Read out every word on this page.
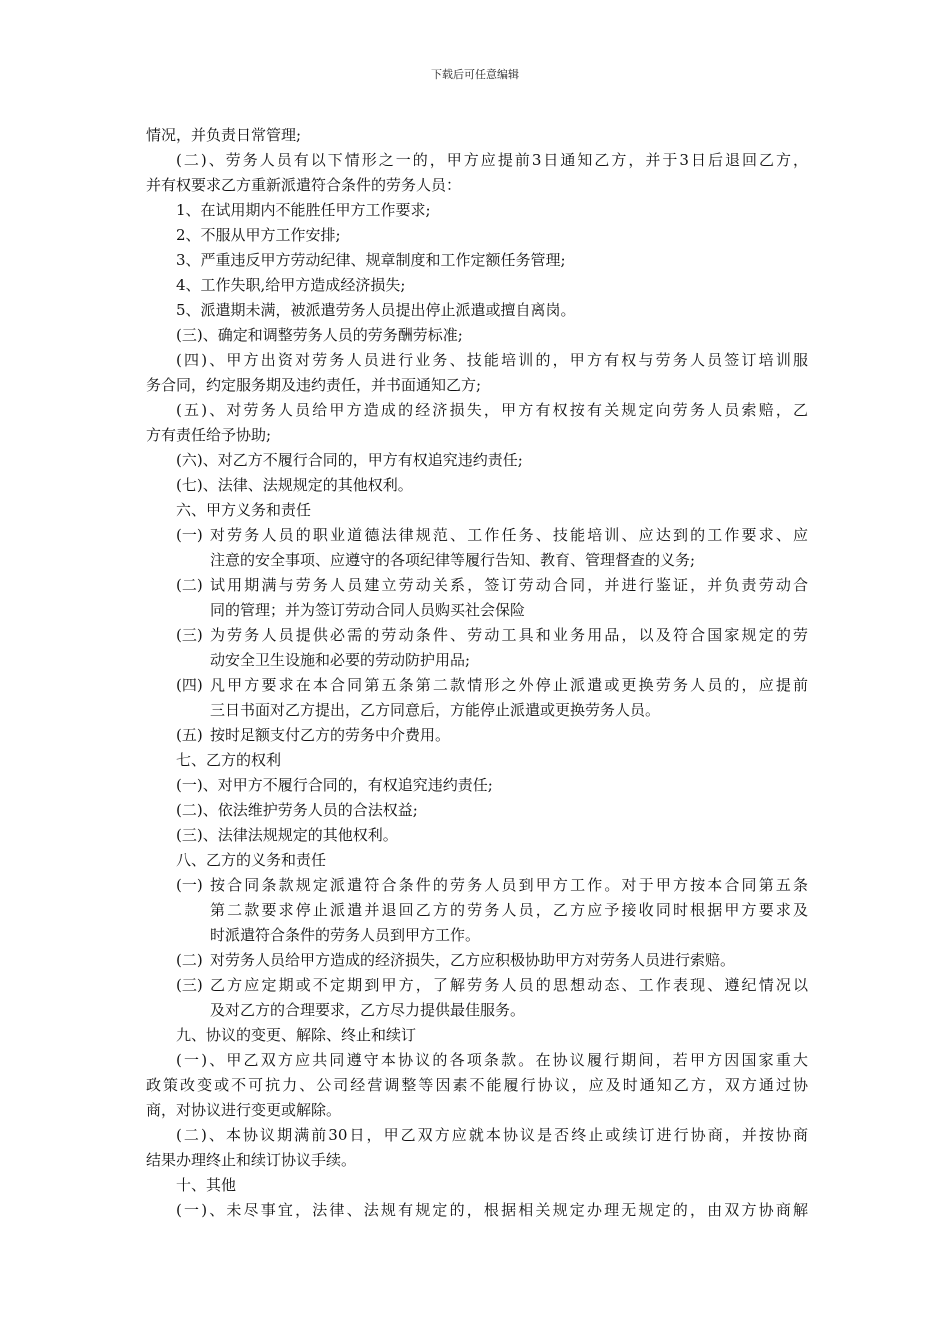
下载后可任意编辑
情况，并负责日常管理;
(二)、劳务人员有以下情形之一的，甲方应提前3日通知乙方，并于3日后退回乙方，
并有权要求乙方重新派遣符合条件的劳务人员：
1、在试用期内不能胜任甲方工作要求;
2、不服从甲方工作安排;
3、严重违反甲方劳动纪律、规章制度和工作定额任务管理;
4、工作失职,给甲方造成经济损失;
5、派遣期未满，被派遣劳务人员提出停止派遣或擅自离岗。
(三)、确定和调整劳务人员的劳务酬劳标准;
(四)、甲方出资对劳务人员进行业务、技能培训的，甲方有权与劳务人员签订培训服
务合同，约定服务期及违约责任，并书面通知乙方;
(五)、对劳务人员给甲方造成的经济损失，甲方有权按有关规定向劳务人员索赔，乙
方有责任给予协助;
(六)、对乙方不履行合同的，甲方有权追究违约责任;
(七)、法律、法规规定的其他权利。
六、甲方义务和责任
(一) 对劳务人员的职业道德法律规范、工作任务、技能培训、应达到的工作要求、应
注意的安全事项、应遵守的各项纪律等履行告知、教育、管理督查的义务;
(二) 试用期满与劳务人员建立劳动关系，签订劳动合同，并进行鉴证，并负责劳动合
同的管理；并为签订劳动合同人员购买社会保险
(三) 为劳务人员提供必需的劳动条件、劳动工具和业务用品，以及符合国家规定的劳
动安全卫生设施和必要的劳动防护用品;
(四) 凡甲方要求在本合同第五条第二款情形之外停止派遣或更换劳务人员的，应提前
三日书面对乙方提出，乙方同意后，方能停止派遣或更换劳务人员。
(五) 按时足额支付乙方的劳务中介费用。
七、乙方的权利
(一)、对甲方不履行合同的，有权追究违约责任;
(二)、依法维护劳务人员的合法权益;
(三)、法律法规规定的其他权利。
八、乙方的义务和责任
(一) 按合同条款规定派遣符合条件的劳务人员到甲方工作。对于甲方按本合同第五条
第二款要求停止派遣并退回乙方的劳务人员，乙方应予接收同时根据甲方要求及
时派遣符合条件的劳务人员到甲方工作。
(二) 对劳务人员给甲方造成的经济损失，乙方应积极协助甲方对劳务人员进行索赔。
(三) 乙方应定期或不定期到甲方，了解劳务人员的思想动态、工作表现、遵纪情况以
及对乙方的合理要求，乙方尽力提供最佳服务。
九、协议的变更、解除、终止和续订
(一)、甲乙双方应共同遵守本协议的各项条款。在协议履行期间，若甲方因国家重大
政策改变或不可抗力、公司经营调整等因素不能履行协议，应及时通知乙方，双方通过协
商，对协议进行变更或解除。
(二)、本协议期满前30日，甲乙双方应就本协议是否终止或续订进行协商，并按协商
结果办理终止和续订协议手续。
十、其他
(一)、未尽事宜，法律、法规有规定的，根据相关规定办理无规定的，由双方协商解
